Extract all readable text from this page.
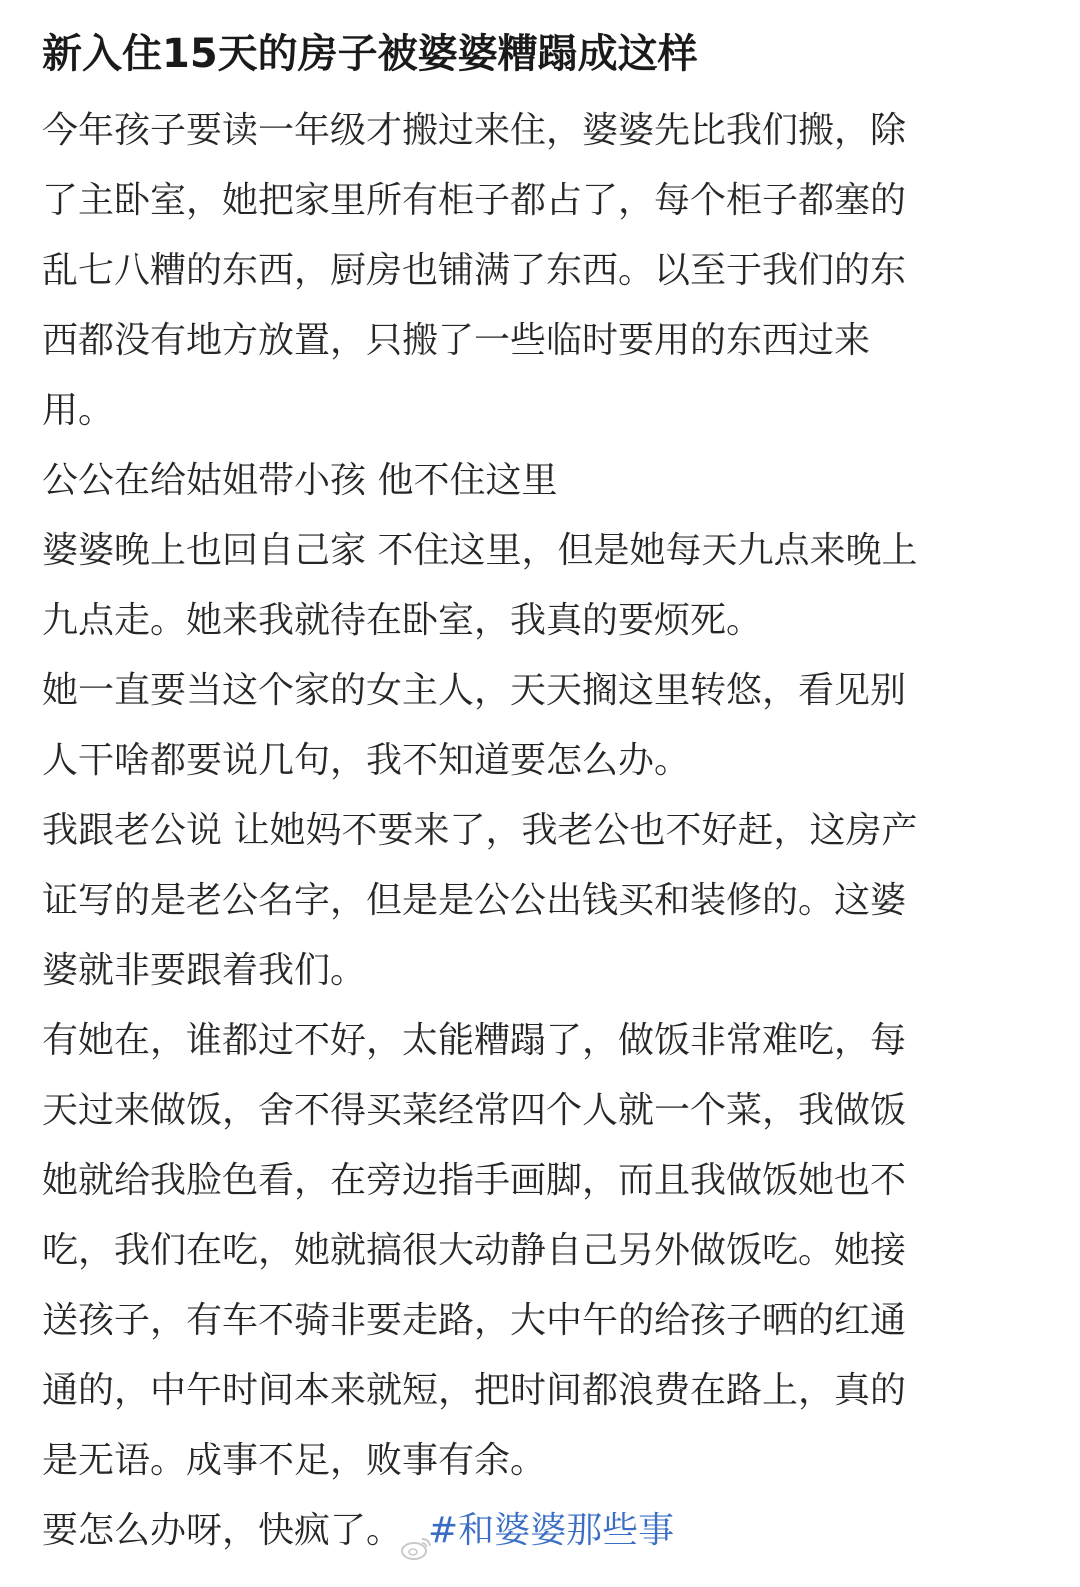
新入住15天的房子被婆婆糟蹋成这样
今年孩子要读一年级才搬过来住，婆婆先比我们搬，除
了主卧室，她把家里所有柜子都占了，每个柜子都塞的
乱七八糟的东西，厨房也铺满了东西。以至于我们的东
西都没有地方放置，只搬了一些临时要用的东西过来
用。
公公在给姑姐带小孩 他不住这里
婆婆晚上也回自己家 不住这里，但是她每天九点来晚上
九点走。她来我就待在卧室，我真的要烦死。
她一直要当这个家的女主人，天天搁这里转悠，看见别
人干啥都要说几句，我不知道要怎么办。
我跟老公说 让她妈不要来了，我老公也不好赶，这房产
证写的是老公名字，但是是公公出钱买和装修的。这婆
婆就非要跟着我们。
有她在，谁都过不好，太能糟蹋了，做饭非常难吃，每
天过来做饭，舍不得买菜经常四个人就一个菜，我做饭
她就给我脸色看，在旁边指手画脚，而且我做饭她也不
吃，我们在吃，她就搞很大动静自己另外做饭吃。她接
送孩子，有车不骑非要走路，大中午的给孩子晒的红通
通的，中午时间本来就短，把时间都浪费在路上，真的
是无语。成事不足，败事有余。
要怎么办呀，快疯了。 #和婆婆那些事
